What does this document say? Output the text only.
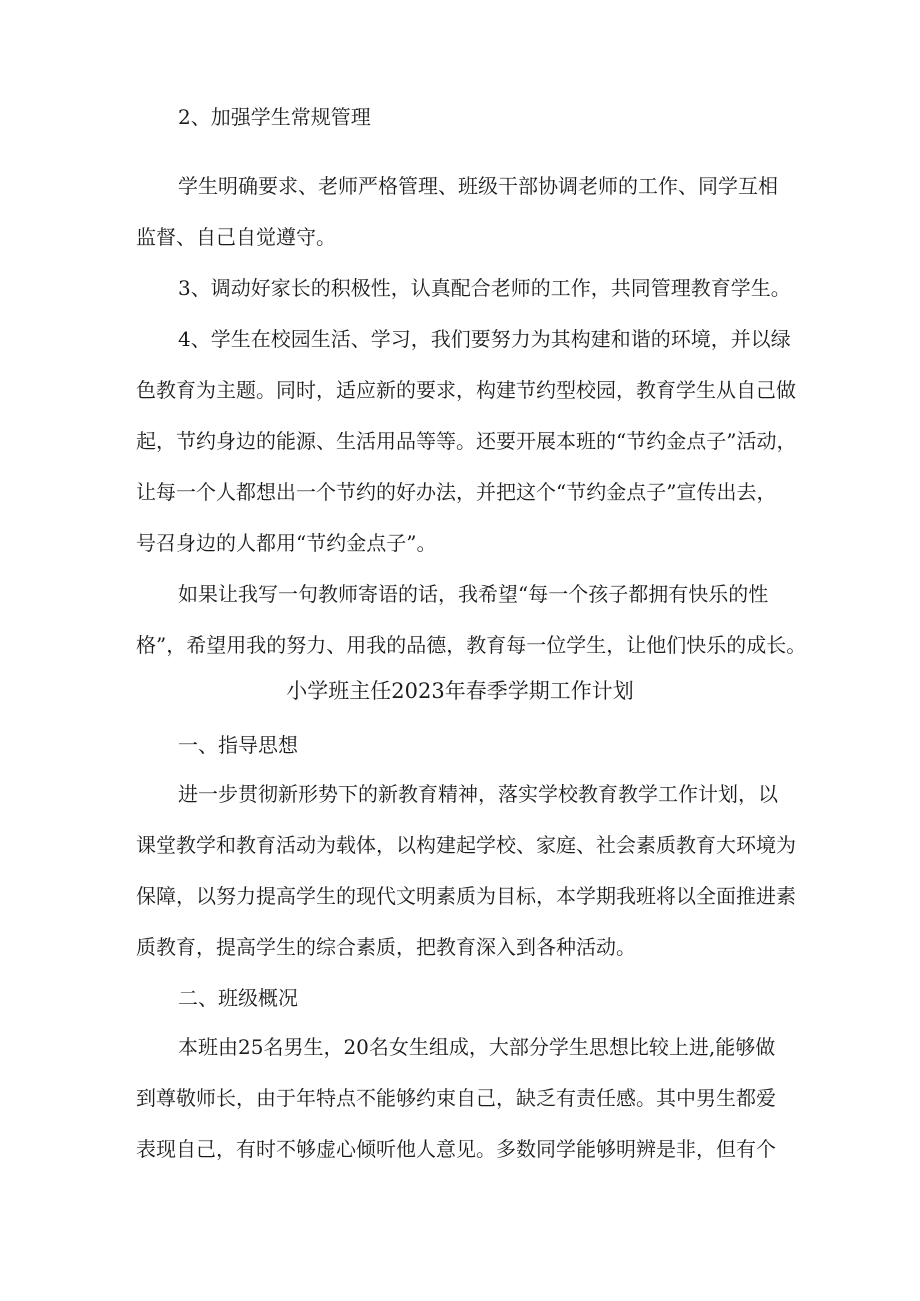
2、加强学生常规管理
学生明确要求、老师严格管理、班级干部协调老师的工作、同学互相
监督、自己自觉遵守。
3、调动好家长的积极性，认真配合老师的工作，共同管理教育学生。
4、学生在校园生活、学习，我们要努力为其构建和谐的环境，并以绿
色教育为主题。同时，适应新的要求，构建节约型校园，教育学生从自己做
起，节约身边的能源、生活用品等等。还要开展本班的“节约金点子”活动，
让每一个人都想出一个节约的好办法，并把这个“节约金点子”宣传出去，
号召身边的人都用“节约金点子”。
如果让我写一句教师寄语的话，我希望“每一个孩子都拥有快乐的性
格”，希望用我的努力、用我的品德，教育每一位学生，让他们快乐的成长。
小学班主任2023年春季学期工作计划
一、指导思想
进一步贯彻新形势下的新教育精神，落实学校教育教学工作计划，以
课堂教学和教育活动为载体，以构建起学校、家庭、社会素质教育大环境为
保障，以努力提高学生的现代文明素质为目标，本学期我班将以全面推进素
质教育，提高学生的综合素质，把教育深入到各种活动。
二、班级概况
本班由25名男生，20名女生组成，大部分学生思想比较上进,能够做
到尊敬师长，由于年特点不能够约束自己，缺乏有责任感。其中男生都爱
表现自己，有时不够虚心倾听他人意见。多数同学能够明辨是非，但有个
